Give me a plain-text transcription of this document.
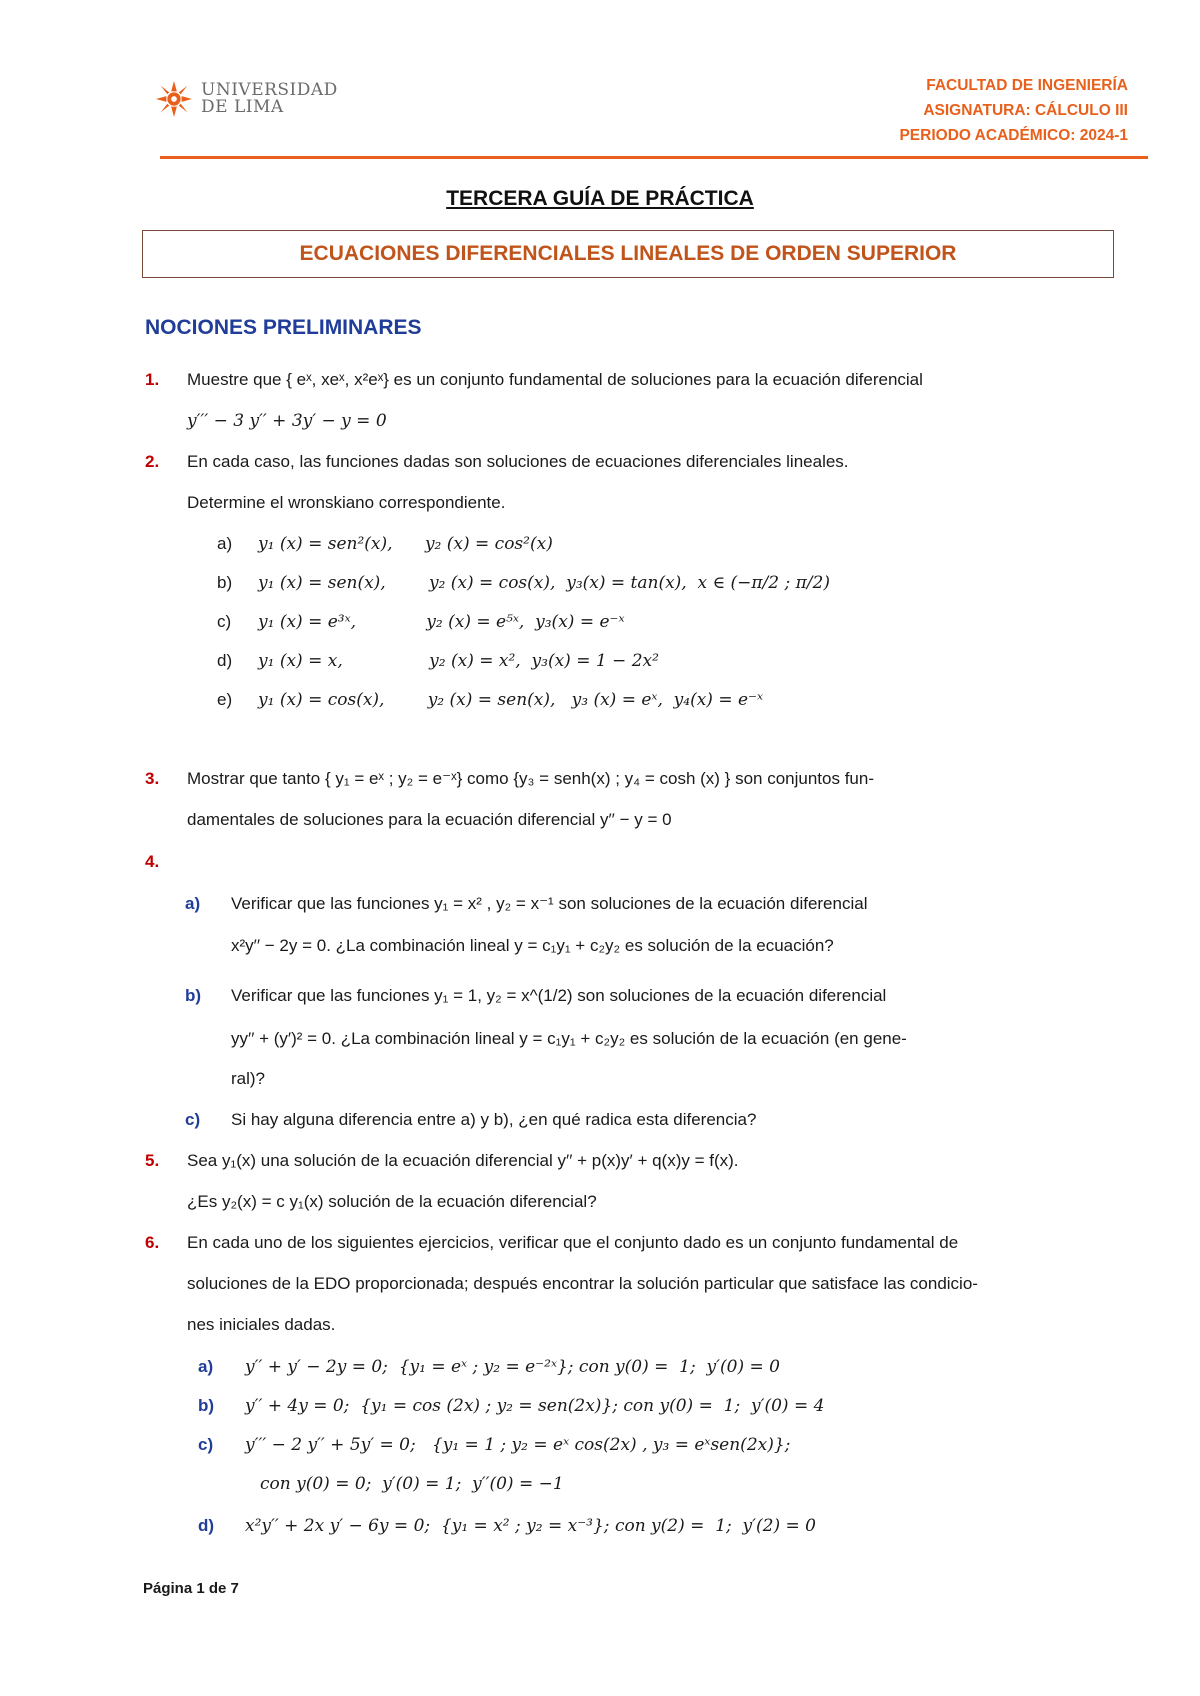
UNIVERSIDAD
DE LIMA
FACULTAD DE INGENIERÍA
ASIGNATURA: CÁLCULO III
PERIODO ACADÉMICO: 2024-1
TERCERA GUÍA DE PRÁCTICA
ECUACIONES DIFERENCIALES LINEALES DE ORDEN SUPERIOR
NOCIONES PRELIMINARES
1. Muestre que { eˣ, xeˣ, x²eˣ} es un conjunto fundamental de soluciones para la ecuación diferencial
y′′′ − 3 y′′ + 3y′ − y = 0
2. En cada caso, las funciones dadas son soluciones de ecuaciones diferenciales lineales.
Determine el wronskiano correspondiente.
a) y₁ (x) = sen²(x),      y₂ (x) = cos²(x)
b) y₁ (x) = sen(x),        y₂ (x) = cos(x),  y₃(x) = tan(x),  x ∈ (−π/2 ; π/2)
c) y₁ (x) = e³ˣ,             y₂ (x) = e⁵ˣ,  y₃(x) = e⁻ˣ
d) y₁ (x) = x,                y₂ (x) = x²,  y₃(x) = 1 − 2x²
e) y₁ (x) = cos(x),        y₂ (x) = sen(x),   y₃ (x) = eˣ,  y₄(x) = e⁻ˣ
3. Mostrar que tanto { y₁ = eˣ ; y₂ = e⁻ˣ} como {y₃ = senh(x) ; y₄ = cosh (x) } son conjuntos fun-
damentales de soluciones para la ecuación diferencial y′′ − y = 0
4.
a) Verificar que las funciones y₁ = x² , y₂ = x⁻¹ son soluciones de la ecuación diferencial
x²y′′ − 2y = 0. ¿La combinación lineal y = c₁y₁ + c₂y₂ es solución de la ecuación?
b) Verificar que las funciones y₁ = 1, y₂ = x^(1/2) son soluciones de la ecuación diferencial
yy′′ + (y′)² = 0. ¿La combinación lineal y = c₁y₁ + c₂y₂ es solución de la ecuación (en gene-
ral)?
c) Si hay alguna diferencia entre a) y b), ¿en qué radica esta diferencia?
5. Sea y₁(x) una solución de la ecuación diferencial y′′ + p(x)y′ + q(x)y = f(x).
¿Es y₂(x) = c y₁(x) solución de la ecuación diferencial?
6. En cada uno de los siguientes ejercicios, verificar que el conjunto dado es un conjunto fundamental de
soluciones de la EDO proporcionada; después encontrar la solución particular que satisface las condicio-
nes iniciales dadas.
a) y′′ + y′ − 2y = 0;  {y₁ = eˣ ; y₂ = e⁻²ˣ}; con y(0) =  1;  y′(0) = 0
b) y′′ + 4y = 0;  {y₁ = cos (2x) ; y₂ = sen(2x)}; con y(0) =  1;  y′(0) = 4
c) y′′′ − 2 y′′ + 5y′ = 0;   {y₁ = 1 ; y₂ = eˣ cos(2x) , y₃ = eˣsen(2x)};
con y(0) = 0;  y′(0) = 1;  y′′(0) = −1
d) x²y′′ + 2x y′ − 6y = 0;  {y₁ = x² ; y₂ = x⁻³}; con y(2) =  1;  y′(2) = 0
Página 1 de 7
